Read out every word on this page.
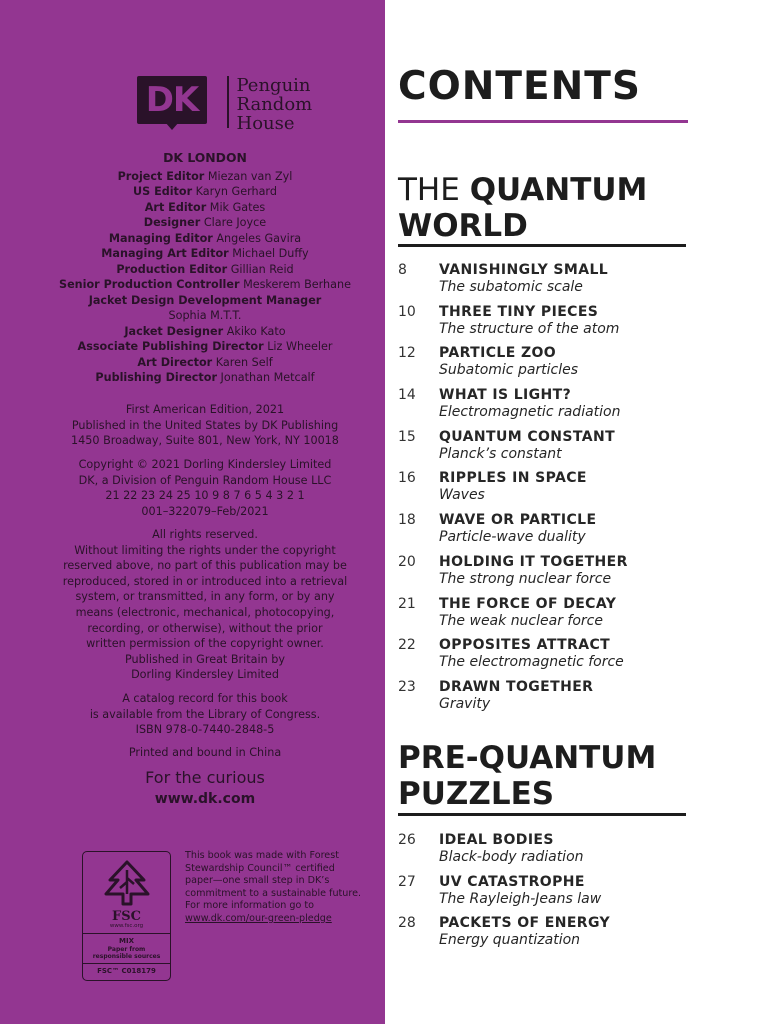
DK	Penguin
Random
House
DK LONDON
Project Editor Miezan van Zyl
US Editor Karyn Gerhard
Art Editor Mik Gates
Designer Clare Joyce
Managing Editor Angeles Gavira
Managing Art Editor Michael Duffy
Production Editor Gillian Reid
Senior Production Controller Meskerem Berhane
Jacket Design Development Manager
Sophia M.T.T.
Jacket Designer Akiko Kato
Associate Publishing Director Liz Wheeler
Art Director Karen Self
Publishing Director Jonathan Metcalf
First American Edition, 2021
Published in the United States by DK Publishing
1450 Broadway, Suite 801, New York, NY 10018
Copyright © 2021 Dorling Kindersley Limited
DK, a Division of Penguin Random House LLC
21 22 23 24 25 10 9 8 7 6 5 4 3 2 1
001–322079–Feb/2021
All rights reserved.
Without limiting the rights under the copyright
reserved above, no part of this publication may be
reproduced, stored in or introduced into a retrieval
system, or transmitted, in any form, or by any
means (electronic, mechanical, photocopying,
recording, or otherwise), without the prior
written permission of the copyright owner.
Published in Great Britain by
Dorling Kindersley Limited
A catalog record for this book
is available from the Library of Congress.
ISBN 978-0-7440-2848-5
Printed and bound in China
For the curious
www.dk.com
FSC
www.fsc.org
MIX
Paper from
responsible sources
FSC™ C018179
This book was made with Forest
Stewardship Council™ certified
paper—one small step in DK’s
commitment to a sustainable future.
For more information go to
www.dk.com/our-green-pledge
CONTENTS
THE QUANTUM
WORLD
8 VANISHINGLY SMALL
The subatomic scale
10 THREE TINY PIECES
The structure of the atom
12 PARTICLE ZOO
Subatomic particles
14 WHAT IS LIGHT?
Electromagnetic radiation
15 QUANTUM CONSTANT
Planck’s constant
16 RIPPLES IN SPACE
Waves
18 WAVE OR PARTICLE
Particle-wave duality
20 HOLDING IT TOGETHER
The strong nuclear force
21 THE FORCE OF DECAY
The weak nuclear force
22 OPPOSITES ATTRACT
The electromagnetic force
23 DRAWN TOGETHER
Gravity
PRE-QUANTUM
PUZZLES
26 IDEAL BODIES
Black-body radiation
27 UV CATASTROPHE
The Rayleigh-Jeans law
28 PACKETS OF ENERGY
Energy quantization
